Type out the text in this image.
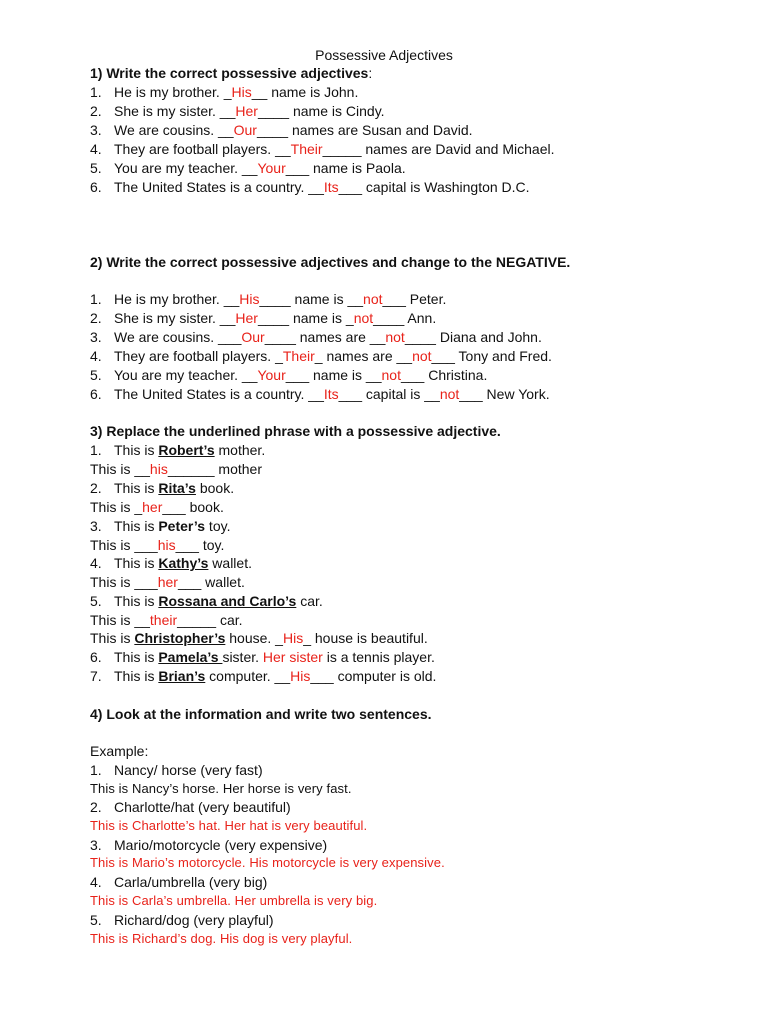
Possessive Adjectives
1) Write the correct possessive adjectives:
1. He is my brother. _His__ name is John.
2. She is my sister. __Her____ name is Cindy.
3. We are cousins. __Our____ names are Susan and David.
4. They are football players. __Their_____ names are David and Michael.
5. You are my teacher. __Your___ name is Paola.
6. The United States is a country. __Its___ capital is Washington D.C.
2) Write the correct possessive adjectives and change to the NEGATIVE.
1. He is my brother. __His____ name is __not___ Peter.
2. She is my sister. __Her____ name is _not____ Ann.
3. We are cousins. ___Our____ names are __not____ Diana and John.
4. They are football players. _Their_ names are __not___ Tony and Fred.
5. You are my teacher. __Your___ name is __not___ Christina.
6. The United States is a country. __Its___ capital is __not___ New York.
3) Replace the underlined phrase with a possessive adjective.
1. This is Robert’s mother.
This is __his______ mother
2. This is Rita’s book.
This is _her___ book.
3. This is Peter’s toy.
This is ___his___ toy.
4. This is Kathy’s wallet.
This is ___her___ wallet.
5. This is Rossana and Carlo’s car.
This is __their_____ car.
This is Christopher’s house. _His_ house is beautiful.
6. This is Pamela’s sister. Her sister is a tennis player.
7. This is Brian’s computer. __His___ computer is old.
4) Look at the information and write two sentences.
Example:
1. Nancy/ horse (very fast)
This is Nancy’s horse. Her horse is very fast.
2. Charlotte/hat (very beautiful)
This is Charlotte’s hat. Her hat is very beautiful.
3. Mario/motorcycle (very expensive)
This is Mario’s motorcycle. His motorcycle is very expensive.
4. Carla/umbrella (very big)
This is Carla’s umbrella. Her umbrella is very big.
5. Richard/dog (very playful)
This is Richard’s dog. His dog is very playful.
